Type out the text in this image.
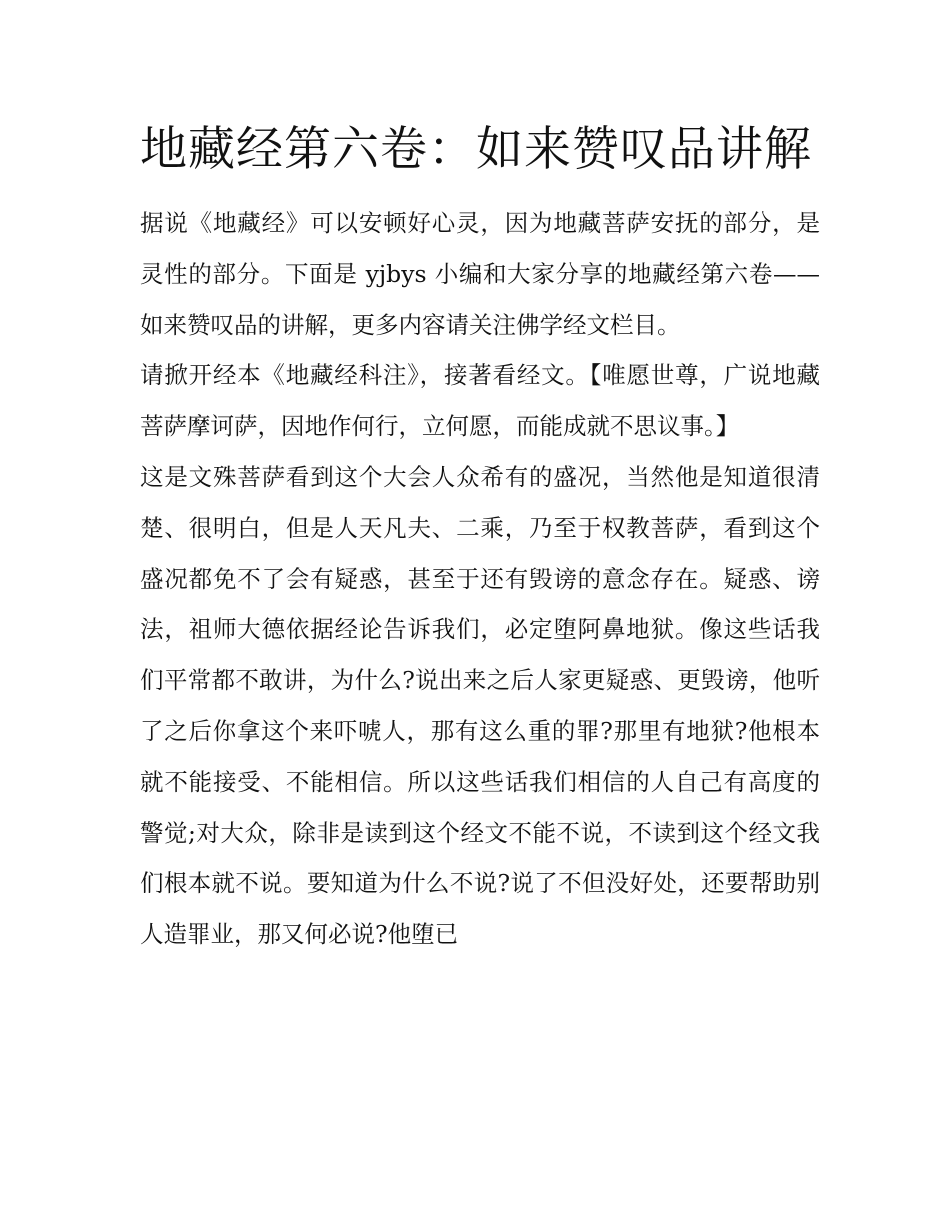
地藏经第六卷：如来赞叹品讲解

据说《地藏经》可以安顿好心灵，因为地藏菩萨安抚的部分，是灵性的部分。下面是 yjbys 小编和大家分享的地藏经第六卷——如来赞叹品的讲解，更多内容请关注佛学经文栏目。

请掀开经本《地藏经科注》，接著看经文。【唯愿世尊，广说地藏菩萨摩诃萨，因地作何行，立何愿，而能成就不思议事。】

这是文殊菩萨看到这个大会人众希有的盛况，当然他是知道很清楚、很明白，但是人天凡夫、二乘，乃至于权教菩萨，看到这个盛况都免不了会有疑惑，甚至于还有毁谤的意念存在。疑惑、谤法，祖师大德依据经论告诉我们，必定堕阿鼻地狱。像这些话我们平常都不敢讲，为什么?说出来之后人家更疑惑、更毁谤，他听了之后你拿这个来吓唬人，那有这么重的罪?那里有地狱?他根本就不能接受、不能相信。所以这些话我们相信的人自己有高度的警觉;对大众，除非是读到这个经文不能不说，不读到这个经文我们根本就不说。要知道为什么不说?说了不但没好处，还要帮助别人造罪业，那又何必说?他堕已
